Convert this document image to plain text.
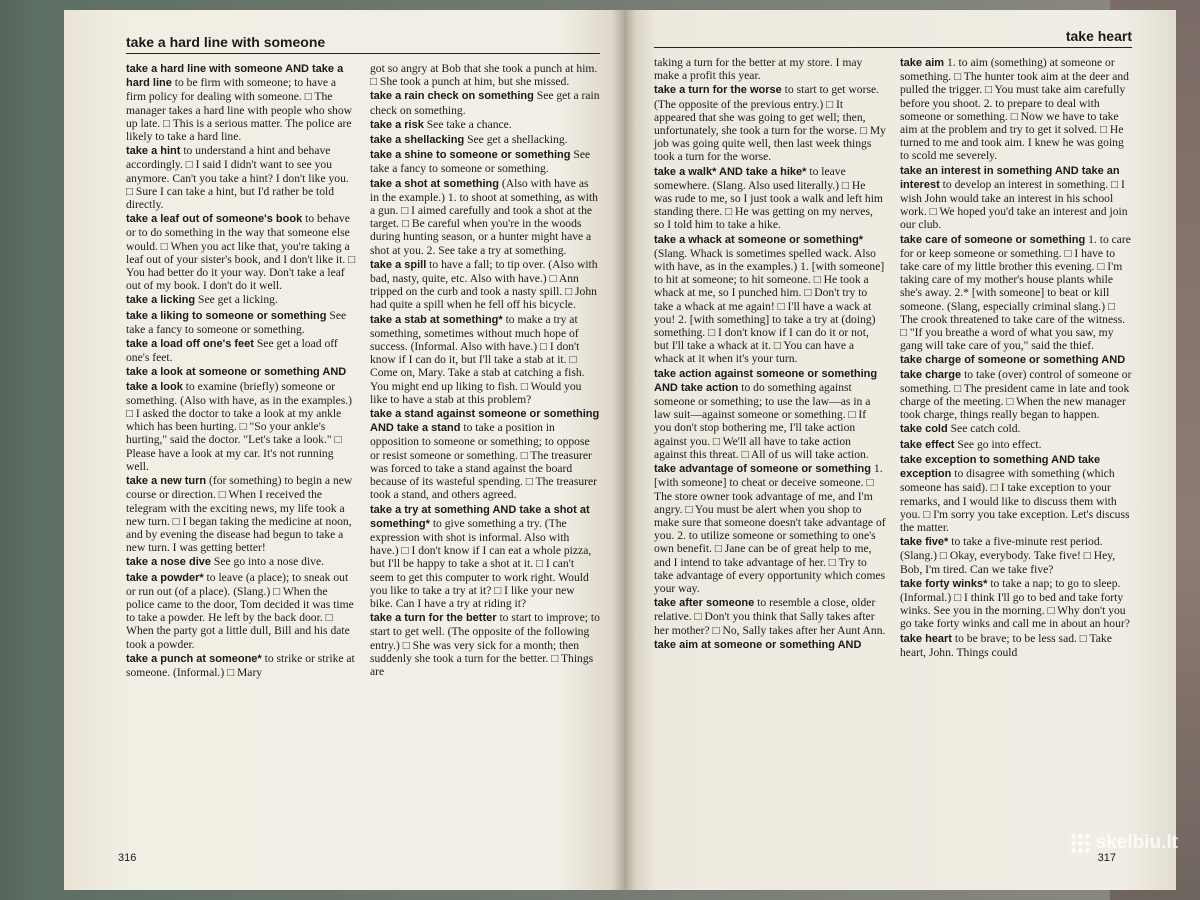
take a hard line with someone

take a hard line with someone AND take a hard line to be firm with someone; to have a firm policy for dealing with someone. □ The manager takes a hard line with people who show up late. □ This is a serious matter. The police are likely to take a hard line.

take a hint to understand a hint and behave accordingly. □ I said I didn't want to see you anymore. Can't you take a hint? I don't like you. □ Sure I can take a hint, but I'd rather be told directly.

take a leaf out of someone's book to behave or to do something in the way that someone else would. □ When you act like that, you're taking a leaf out of your sister's book, and I don't like it. □ You had better do it your way. Don't take a leaf out of my book. I don't do it well.

take a licking See get a licking.

take a liking to someone or something See take a fancy to someone or something.

take a load off one's feet See get a load off one's feet.

take a look at someone or something AND take a look to examine (briefly) someone or something. (Also with have, as in the examples.) □ I asked the doctor to take a look at my ankle which has been hurting. □ "So your ankle's hurting," said the doctor. "Let's take a look." □ Please have a look at my car. It's not running well.

take a new turn (for something) to begin a new course or direction. □ When I received the telegram with the exciting news, my life took a new turn. □ I began taking the medicine at noon, and by evening the disease had begun to take a new turn. I was getting better!

take a nose dive See go into a nose dive.

take a powder* to leave (a place); to sneak out or run out (of a place). (Slang.) □ When the police came to the door, Tom decided it was time to take a powder. He left by the back door. □ When the party got a little dull, Bill and his date took a powder.

take a punch at someone* to strike or strike at someone. (Informal.) □ Mary

got so angry at Bob that she took a punch at him. □ She took a punch at him, but she missed.

take a rain check on something See get a rain check on something.

take a risk See take a chance.

take a shellacking See get a shellacking.

take a shine to someone or something See take a fancy to someone or something.

take a shot at something (Also with have as in the example.) 1. to shoot at something, as with a gun. □ I aimed carefully and took a shot at the target. □ Be careful when you're in the woods during hunting season, or a hunter might have a shot at you. 2. See take a try at something.

take a spill to have a fall; to tip over. (Also with bad, nasty, quite, etc. Also with have.) □ Ann tripped on the curb and took a nasty spill. □ John had quite a spill when he fell off his bicycle.

take a stab at something* to make a try at something, sometimes without much hope of success. (Informal. Also with have.) □ I don't know if I can do it, but I'll take a stab at it. □ Come on, Mary. Take a stab at catching a fish. You might end up liking to fish. □ Would you like to have a stab at this problem?

take a stand against someone or something AND take a stand to take a position in opposition to someone or something; to oppose or resist someone or something. □ The treasurer was forced to take a stand against the board because of its wasteful spending. □ The treasurer took a stand, and others agreed.

take a try at something AND take a shot at something* to give something a try. (The expression with shot is informal. Also with have.) □ I don't know if I can eat a whole pizza, but I'll be happy to take a shot at it. □ I can't seem to get this computer to work right. Would you like to take a try at it? □ I like your new bike. Can I have a try at riding it?

take a turn for the better to start to improve; to start to get well. (The opposite of the following entry.) □ She was very sick for a month; then suddenly she took a turn for the better. □ Things are

316
take heart

taking a turn for the better at my store. I may make a profit this year.

take a turn for the worse to start to get worse. (The opposite of the previous entry.) □ It appeared that she was going to get well; then, unfortunately, she took a turn for the worse. □ My job was going quite well, then last week things took a turn for the worse.

take a walk* AND take a hike* to leave somewhere. (Slang. Also used literally.) □ He was rude to me, so I just took a walk and left him standing there. □ He was getting on my nerves, so I told him to take a hike.

take a whack at someone or something* (Slang. Whack is sometimes spelled wack. Also with have, as in the examples.) 1. [with someone] to hit at someone; to hit someone. □ He took a whack at me, so I punched him. □ Don't try to take a whack at me again! □ I'll have a wack at you! 2. [with something] to take a try at (doing) something. □ I don't know if I can do it or not, but I'll take a whack at it. □ You can have a whack at it when it's your turn.

take action against someone or something AND take action to do something against someone or something; to use the law—as in a law suit—against someone or something. □ If you don't stop bothering me, I'll take action against you. □ We'll all have to take action against this threat. □ All of us will take action.

take advantage of someone or something 1. [with someone] to cheat or deceive someone. □ The store owner took advantage of me, and I'm angry. □ You must be alert when you shop to make sure that someone doesn't take advantage of you. 2. to utilize someone or something to one's own benefit. □ Jane can be of great help to me, and I intend to take advantage of her. □ Try to take advantage of every opportunity which comes your way.

take after someone to resemble a close, older relative. □ Don't you think that Sally takes after her mother? □ No, Sally takes after her Aunt Ann.

take aim at someone or something AND

take aim 1. to aim (something) at someone or something. □ The hunter took aim at the deer and pulled the trigger. □ You must take aim carefully before you shoot. 2. to prepare to deal with someone or something. □ Now we have to take aim at the problem and try to get it solved. □ He turned to me and took aim. I knew he was going to scold me severely.

take an interest in something AND take an interest to develop an interest in something. □ I wish John would take an interest in his school work. □ We hoped you'd take an interest and join our club.

take care of someone or something 1. to care for or keep someone or something. □ I have to take care of my little brother this evening. □ I'm taking care of my mother's house plants while she's away. 2.* [with someone] to beat or kill someone. (Slang, especially criminal slang.) □ The crook threatened to take care of the witness. □ "If you breathe a word of what you saw, my gang will take care of you," said the thief.

take charge of someone or something AND take charge to take (over) control of someone or something. □ The president came in late and took charge of the meeting. □ When the new manager took charge, things really began to happen.

take cold See catch cold.

take effect See go into effect.

take exception to something AND take exception to disagree with something (which someone has said). □ I take exception to your remarks, and I would like to discuss them with you. □ I'm sorry you take exception. Let's discuss the matter.

take five* to take a five-minute rest period. (Slang.) □ Okay, everybody. Take five! □ Hey, Bob, I'm tired. Can we take five?

take forty winks* to take a nap; to go to sleep. (Informal.) □ I think I'll go to bed and take forty winks. See you in the morning. □ Why don't you go take forty winks and call me in about an hour?

take heart to be brave; to be less sad. □ Take heart, John. Things could

317
skelbiu.lt
